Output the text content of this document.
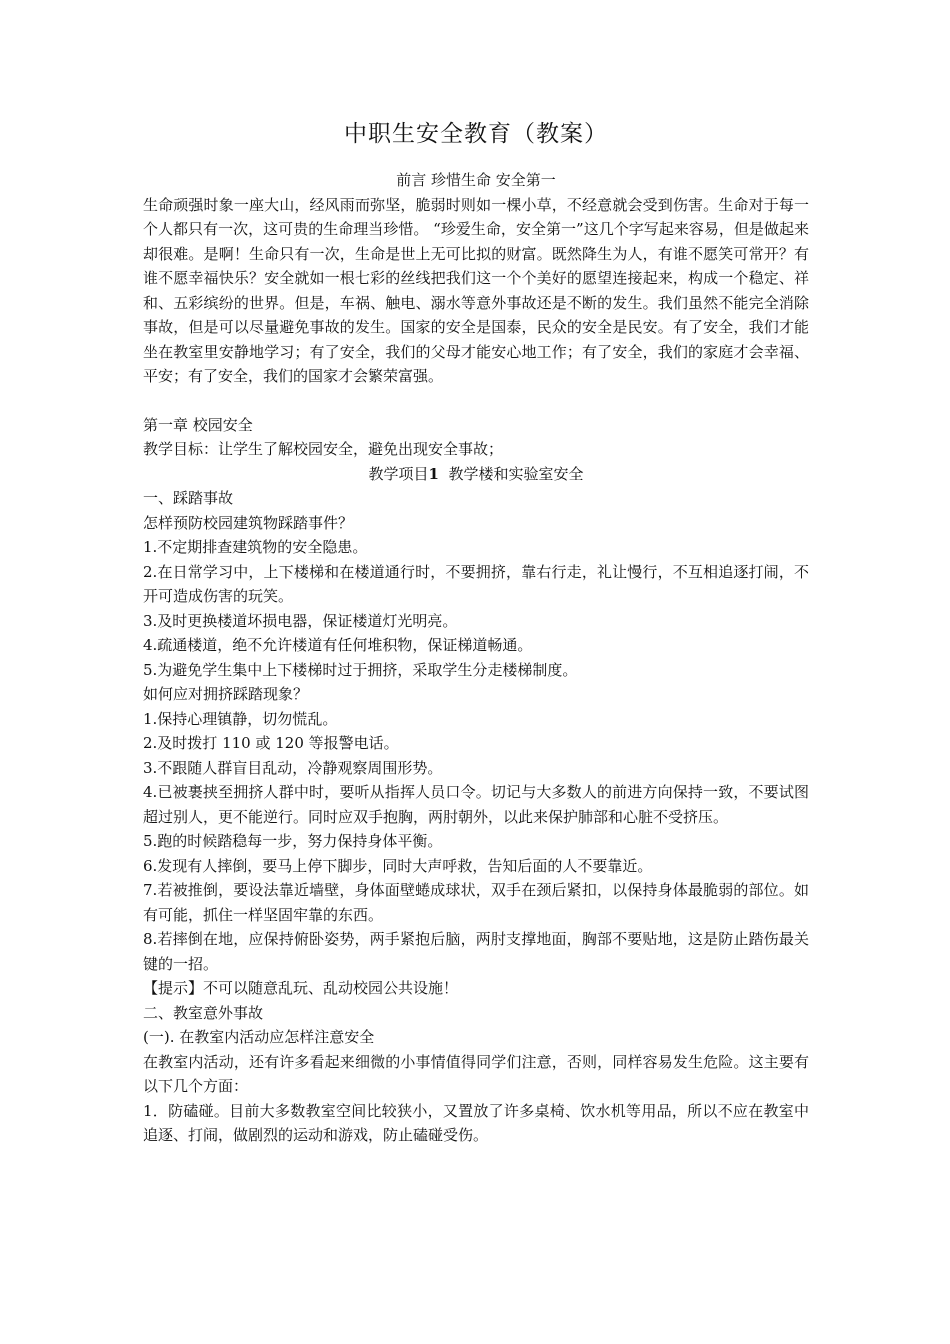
中职生安全教育（教案）

前言 珍惜生命 安全第一

生命顽强时象一座大山，经风雨而弥坚，脆弱时则如一棵小草，不经意就会受到伤害。生命对于每一个人都只有一次，这可贵的生命理当珍惜。 “珍爱生命，安全第一”这几个字写起来容易，但是做起来却很难。是啊！生命只有一次，生命是世上无可比拟的财富。既然降生为人，有谁不愿笑可常开？有谁不愿幸福快乐？安全就如一根七彩的丝线把我们这一个个美好的愿望连接起来，构成一个稳定、祥和、五彩缤纷的世界。但是，车祸、触电、溺水等意外事故还是不断的发生。我们虽然不能完全消除事故，但是可以尽量避免事故的发生。国家的安全是国泰，民众的安全是民安。有了安全，我们才能坐在教室里安静地学习；有了安全，我们的父母才能安心地工作；有了安全，我们的家庭才会幸福、平安；有了安全，我们的国家才会繁荣富强。

第一章 校园安全

教学目标：让学生了解校园安全，避免出现安全事故；

教学项目1 教学楼和实验室安全

一、踩踏事故

怎样预防校园建筑物踩踏事件？

1.不定期排查建筑物的安全隐患。

2.在日常学习中，上下楼梯和在楼道通行时，不要拥挤，靠右行走，礼让慢行，不互相追逐打闹，不开可造成伤害的玩笑。

3.及时更换楼道坏损电器，保证楼道灯光明亮。

4.疏通楼道，绝不允许楼道有任何堆积物，保证梯道畅通。

5.为避免学生集中上下楼梯时过于拥挤，采取学生分走楼梯制度。

如何应对拥挤踩踏现象？

1.保持心理镇静，切勿慌乱。

2.及时拨打 110 或 120 等报警电话。

3.不跟随人群盲目乱动，冷静观察周围形势。

4.已被裹挟至拥挤人群中时，要听从指挥人员口令。切记与大多数人的前进方向保持一致，不要试图超过别人，更不能逆行。同时应双手抱胸，两肘朝外，以此来保护肺部和心脏不受挤压。

5.跑的时候踏稳每一步，努力保持身体平衡。

6.发现有人摔倒，要马上停下脚步，同时大声呼救，告知后面的人不要靠近。

7.若被推倒，要设法靠近墙壁，身体面壁蜷成球状，双手在颈后紧扣，以保持身体最脆弱的部位。如有可能，抓住一样坚固牢靠的东西。

8.若摔倒在地，应保持俯卧姿势，两手紧抱后脑，两肘支撑地面，胸部不要贴地，这是防止踏伤最关键的一招。

【提示】不可以随意乱玩、乱动校园公共设施！

二、教室意外事故

(一). 在教室内活动应怎样注意安全

在教室内活动，还有许多看起来细微的小事情值得同学们注意，否则，同样容易发生危险。这主要有以下几个方面：

1．防磕碰。目前大多数教室空间比较狭小，又置放了许多桌椅、饮水机等用品，所以不应在教室中追逐、打闹，做剧烈的运动和游戏，防止磕碰受伤。
